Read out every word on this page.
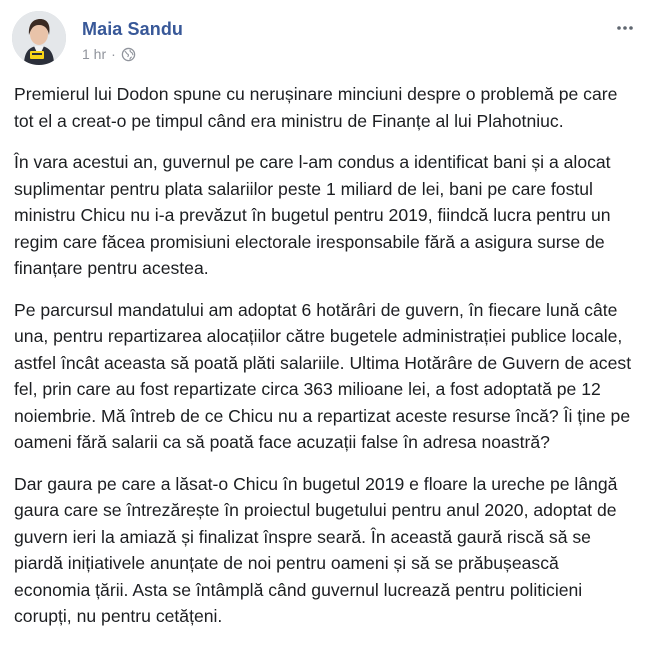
Maia Sandu
1 hr ·

Premierul lui Dodon spune cu nerușinare minciuni despre o problemă pe care tot el a creat-o pe timpul când era ministru de Finanțe al lui Plahotniuc.

În vara acestui an, guvernul pe care l-am condus a identificat bani și a alocat suplimentar pentru plata salariilor peste 1 miliard de lei, bani pe care fostul ministru Chicu nu i-a prevăzut în bugetul pentru 2019, fiindcă lucra pentru un regim care făcea promisiuni electorale iresponsabile fără a asigura surse de finanțare pentru acestea.

Pe parcursul mandatului am adoptat 6 hotărâri de guvern, în fiecare lună câte una, pentru repartizarea alocațiilor către bugetele administrației publice locale, astfel încât aceasta să poată plăti salariile. Ultima Hotărâre de Guvern de acest fel, prin care au fost repartizate circa 363 milioane lei, a fost adoptată pe 12 noiembrie. Mă întreb de ce Chicu nu a repartizat aceste resurse încă? Îi ține pe oameni fără salarii ca să poată face acuzații false în adresa noastră?

Dar gaura pe care a lăsat-o Chicu în bugetul 2019 e floare la ureche pe lângă gaura care se întrezărește în proiectul bugetului pentru anul 2020, adoptat de guvern ieri la amiază și finalizat înspre seară. În această gaură riscă să se piardă inițiativele anunțate de noi pentru oameni și să se prăbușească economia țării. Asta se întâmplă când guvernul lucrează pentru politicieni corupți, nu pentru cetățeni.
